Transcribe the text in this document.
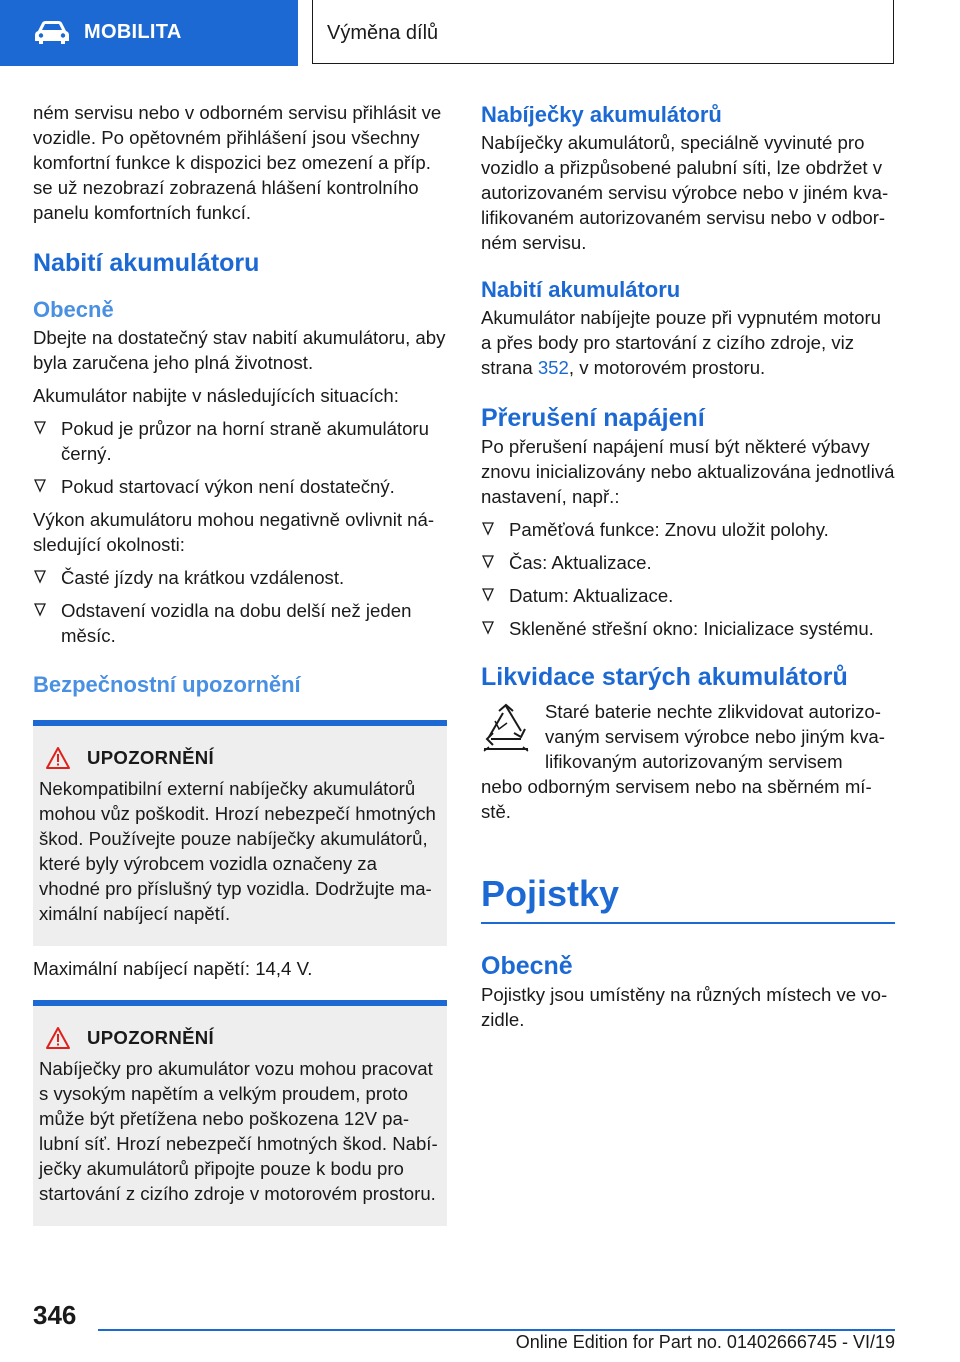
MOBILITA	Výměna dílů

ném servisu nebo v odborném servisu přihlásit ve vozidle. Po opětovném přihlášení jsou všechny komfortní funkce k dispozici bez omezení a příp. se už nezobrazí zobrazená hlášení kontrolního panelu komfortních funkcí.

Nabití akumulátoru
Obecně

Dbejte na dostatečný stav nabití akumulátoru, aby byla zaručena jeho plná životnost.

Akumulátor nabijte v následujících situacích:

Pokud je průzor na horní straně akumulátoru černý.
Pokud startovací výkon není dostatečný.

Výkon akumulátoru mohou negativně ovlivnit následující okolnosti:

Časté jízdy na krátkou vzdálenost.
Odstavení vozidla na dobu delší než jeden měsíc.
Bezpečnostní upozornění
UPOZORNĚNÍ

Nekompatibilní externí nabíječky akumulátorů mohou vůz poškodit. Hrozí nebezpečí hmotných škod. Používejte pouze nabíječky akumulátorů, které byly výrobcem vozidla označeny za vhodné pro příslušný typ vozidla. Dodržujte maximální nabíjecí napětí.

Maximální nabíjecí napětí: 14,4 V.

UPOZORNĚNÍ

Nabíječky pro akumulátor vozu mohou pracovat s vysokým napětím a velkým proudem, proto může být přetížena nebo poškozena 12V palubní síť. Hrozí nebezpečí hmotných škod. Nabíječky akumulátorů připojte pouze k bodu pro startování z cizího zdroje v motorovém prostoru.

Nabíječky akumulátorů

Nabíječky akumulátorů, speciálně vyvinuté pro vozidlo a přizpůsobené palubní síti, lze obdržet v autorizovaném servisu výrobce nebo v jiném kvalifikovaném autorizovaném servisu nebo v odborném servisu.

Nabití akumulátoru

Akumulátor nabíjejte pouze při vypnutém motoru a přes body pro startování z cizího zdroje, viz strana 352, v motorovém prostoru.

Přerušení napájení

Po přerušení napájení musí být některé výbavy znovu inicializovány nebo aktualizována jednotlivá nastavení, např.:

Paměťová funkce: Znovu uložit polohy.
Čas: Aktualizace.
Datum: Aktualizace.
Skleněné střešní okno: Inicializace systému.
Likvidace starých akumulátorů

Staré baterie nechte zlikvidovat autorizovaným servisem výrobce nebo jiným kvalifikovaným autorizovaným servisem

nebo odborným servisem nebo na sběrném místě.

Pojistky
Obecně

Pojistky jsou umístěny na různých místech ve vozidle.

346
Online Edition for Part no. 01402666745 - VI/19
